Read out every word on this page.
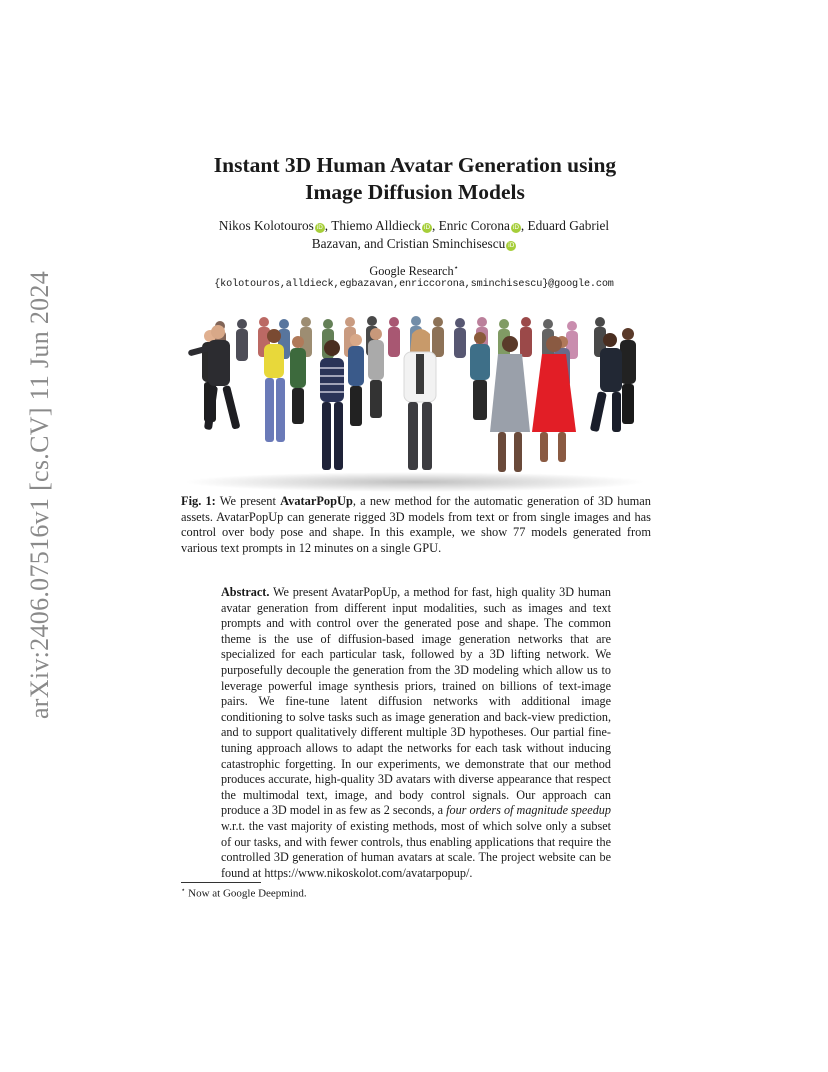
arXiv:2406.07516v1 [cs.CV] 11 Jun 2024
Instant 3D Human Avatar Generation using
Image Diffusion Models
Nikos Kolotouros iD , Thiemo Alldieck iD , Enric Corona iD , Eduard Gabriel
Bazavan, and Cristian Sminchisescu iD
Google Research⋆
{kolotouros,alldieck,egbazavan,enriccorona,sminchisescu}@google.com
Fig. 1: We present AvatarPopUp, a new method for the automatic generation of 3D human assets. AvatarPopUp can generate rigged 3D models from text or from single images and has control over body pose and shape. In this example, we show 77 models generated from various text prompts in 12 minutes on a single GPU.
Abstract. We present AvatarPopUp, a method for fast, high quality 3D human avatar generation from different input modalities, such as images and text prompts and with control over the generated pose and shape. The common theme is the use of diffusion-based image generation networks that are specialized for each particular task, followed by a 3D lifting network. We purposefully decouple the generation from the 3D modeling which allow us to leverage powerful image synthesis priors, trained on billions of text-image pairs. We fine-tune latent diffusion networks with additional image conditioning to solve tasks such as image generation and back-view prediction, and to support qualitatively different multiple 3D hypotheses. Our partial fine-tuning approach allows to adapt the networks for each task without inducing catastrophic forgetting. In our experiments, we demonstrate that our method produces accurate, high-quality 3D avatars with diverse appearance that respect the multimodal text, image, and body control signals. Our approach can produce a 3D model in as few as 2 seconds, a four orders of magnitude speedup w.r.t. the vast majority of existing methods, most of which solve only a subset of our tasks, and with fewer controls, thus enabling applications that require the controlled 3D generation of human avatars at scale. The project website can be found at https://www.nikoskolot.com/avatarpopup/.
⋆ Now at Google Deepmind.
